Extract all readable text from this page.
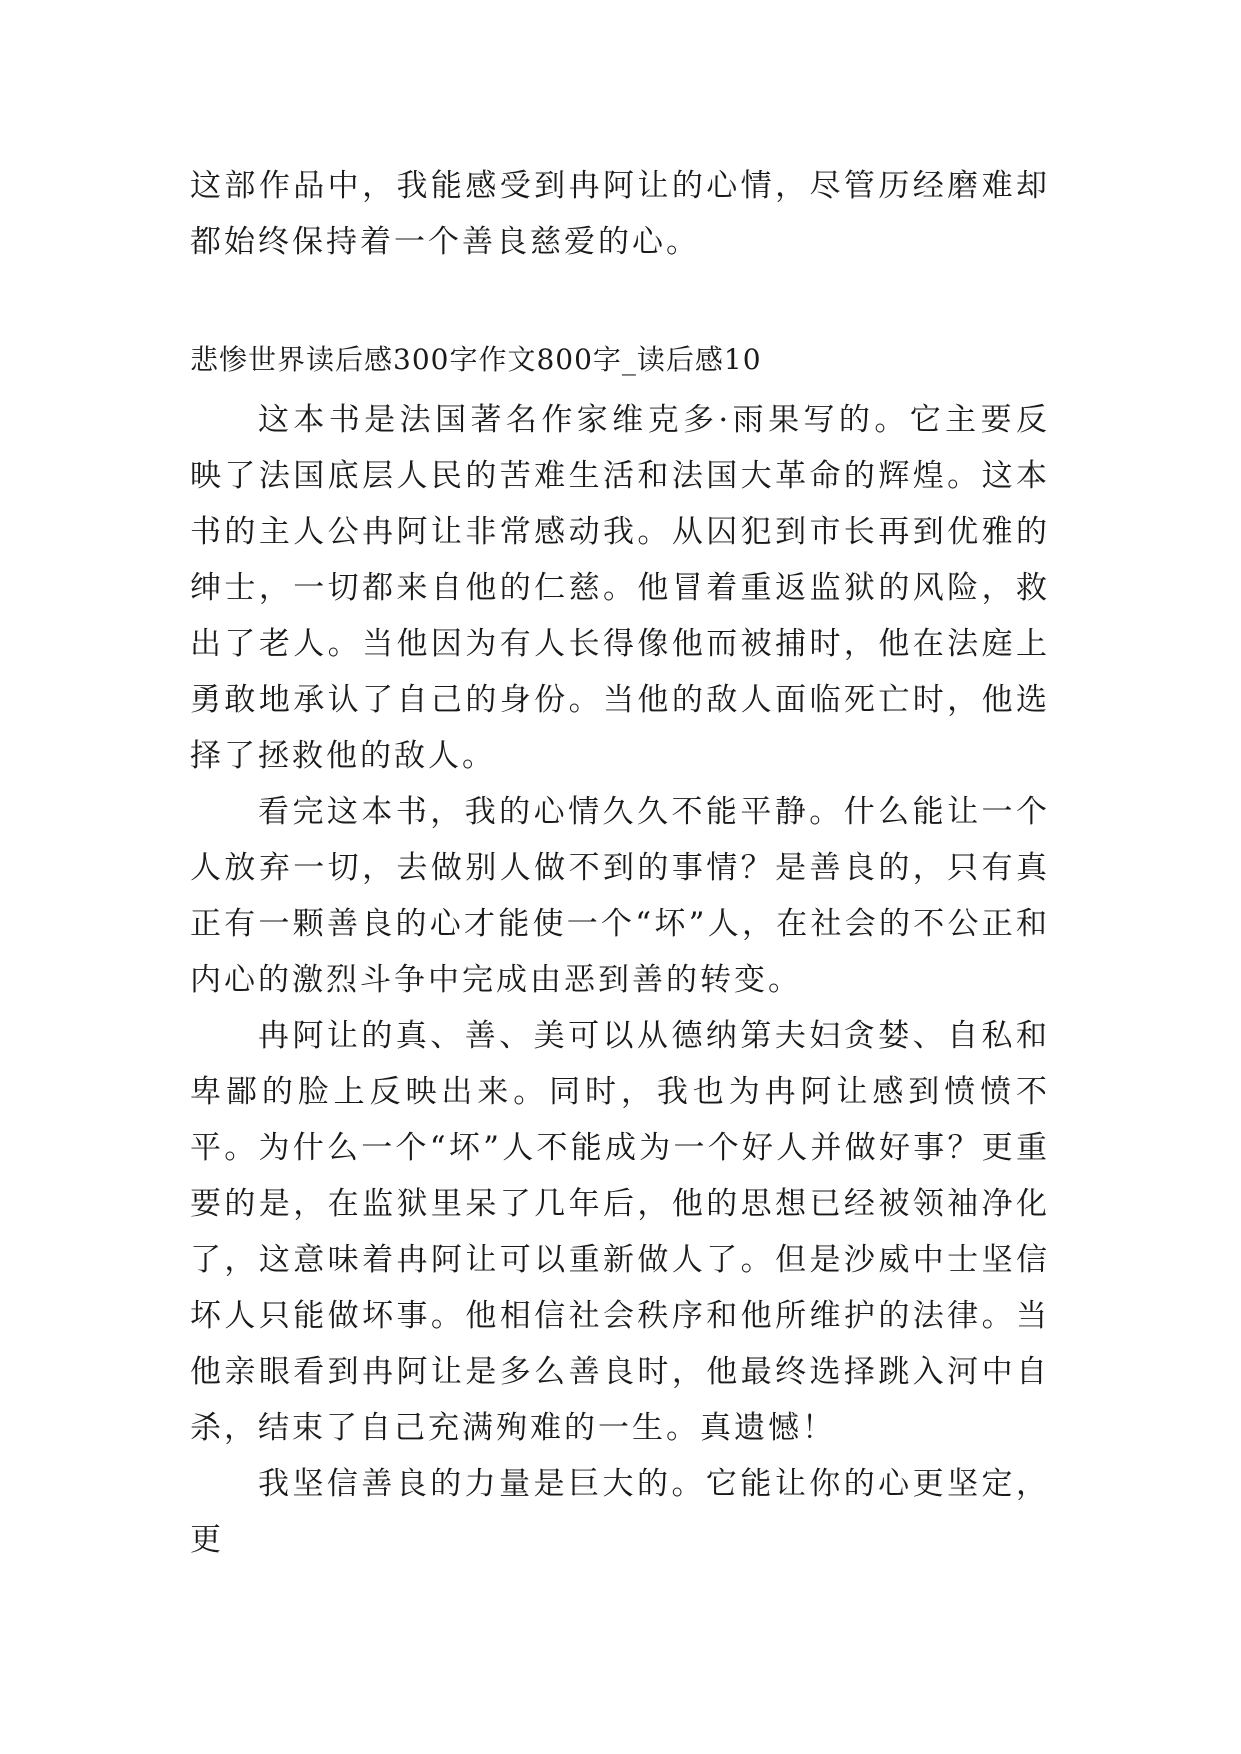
这部作品中，我能感受到冉阿让的心情，尽管历经磨难却都始终保持着一个善良慈爱的心。
悲惨世界读后感300字作文800字_读后感10

这本书是法国著名作家维克多·雨果写的。它主要反映了法国底层人民的苦难生活和法国大革命的辉煌。这本书的主人公冉阿让非常感动我。从囚犯到市长再到优雅的绅士，一切都来自他的仁慈。他冒着重返监狱的风险，救出了老人。当他因为有人长得像他而被捕时，他在法庭上勇敢地承认了自己的身份。当他的敌人面临死亡时，他选择了拯救他的敌人。

看完这本书，我的心情久久不能平静。什么能让一个人放弃一切，去做别人做不到的事情？是善良的，只有真正有一颗善良的心才能使一个“坏”人，在社会的不公正和内心的激烈斗争中完成由恶到善的转变。

冉阿让的真、善、美可以从德纳第夫妇贪婪、自私和卑鄙的脸上反映出来。同时，我也为冉阿让感到愤愤不平。为什么一个“坏”人不能成为一个好人并做好事？更重要的是，在监狱里呆了几年后，他的思想已经被领袖净化了，这意味着冉阿让可以重新做人了。但是沙威中士坚信坏人只能做坏事。他相信社会秩序和他所维护的法律。当他亲眼看到冉阿让是多么善良时，他最终选择跳入河中自杀，结束了自己充满殉难的一生。真遗憾！

我坚信善良的力量是巨大的。它能让你的心更坚定，更
